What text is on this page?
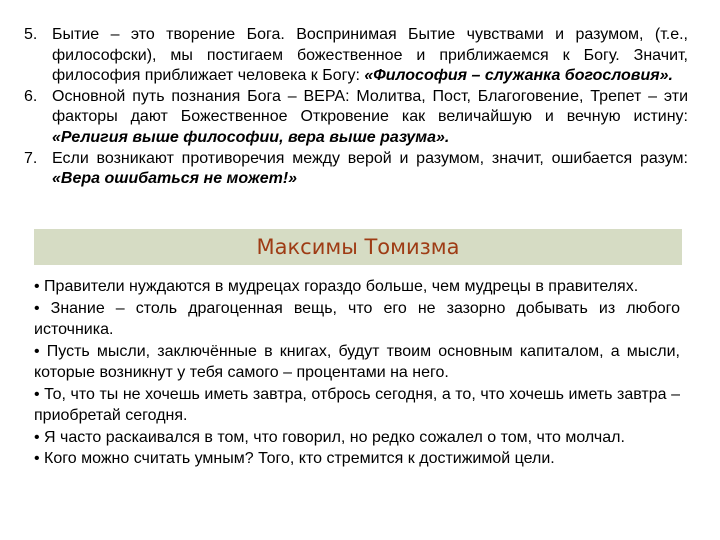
5. Бытие – это творение Бога. Воспринимая Бытие чувствами и разумом, (т.е., философски), мы постигаем божественное и приближаемся к Богу. Значит, философия приближает человека к Богу: «Философия – служанка богословия».
6. Основной путь познания Бога – ВЕРА: Молитва, Пост, Благоговение, Трепет – эти факторы дают Божественное Откровение как величайшую и вечную истину: «Религия выше философии, вера выше разума».
7. Если возникают противоречия между верой и разумом, значит, ошибается разум: «Вера ошибаться не может!»
Максимы Томизма

• Правители нуждаются в мудрецах гораздо больше, чем мудрецы в правителях.

• Знание – столь драгоценная вещь, что его не зазорно добывать из любого источника.

• Пусть мысли, заключённые в книгах, будут твоим основным капиталом, а мысли, которые возникнут у тебя самого – процентами на него.

• То, что ты не хочешь иметь завтра, отбрось сегодня, а то, что хочешь иметь завтра – приобретай сегодня.

• Я часто раскаивался в том, что говорил, но редко сожалел о том, что молчал.

• Кого можно считать умным? Того, кто стремится к достижимой цели.
